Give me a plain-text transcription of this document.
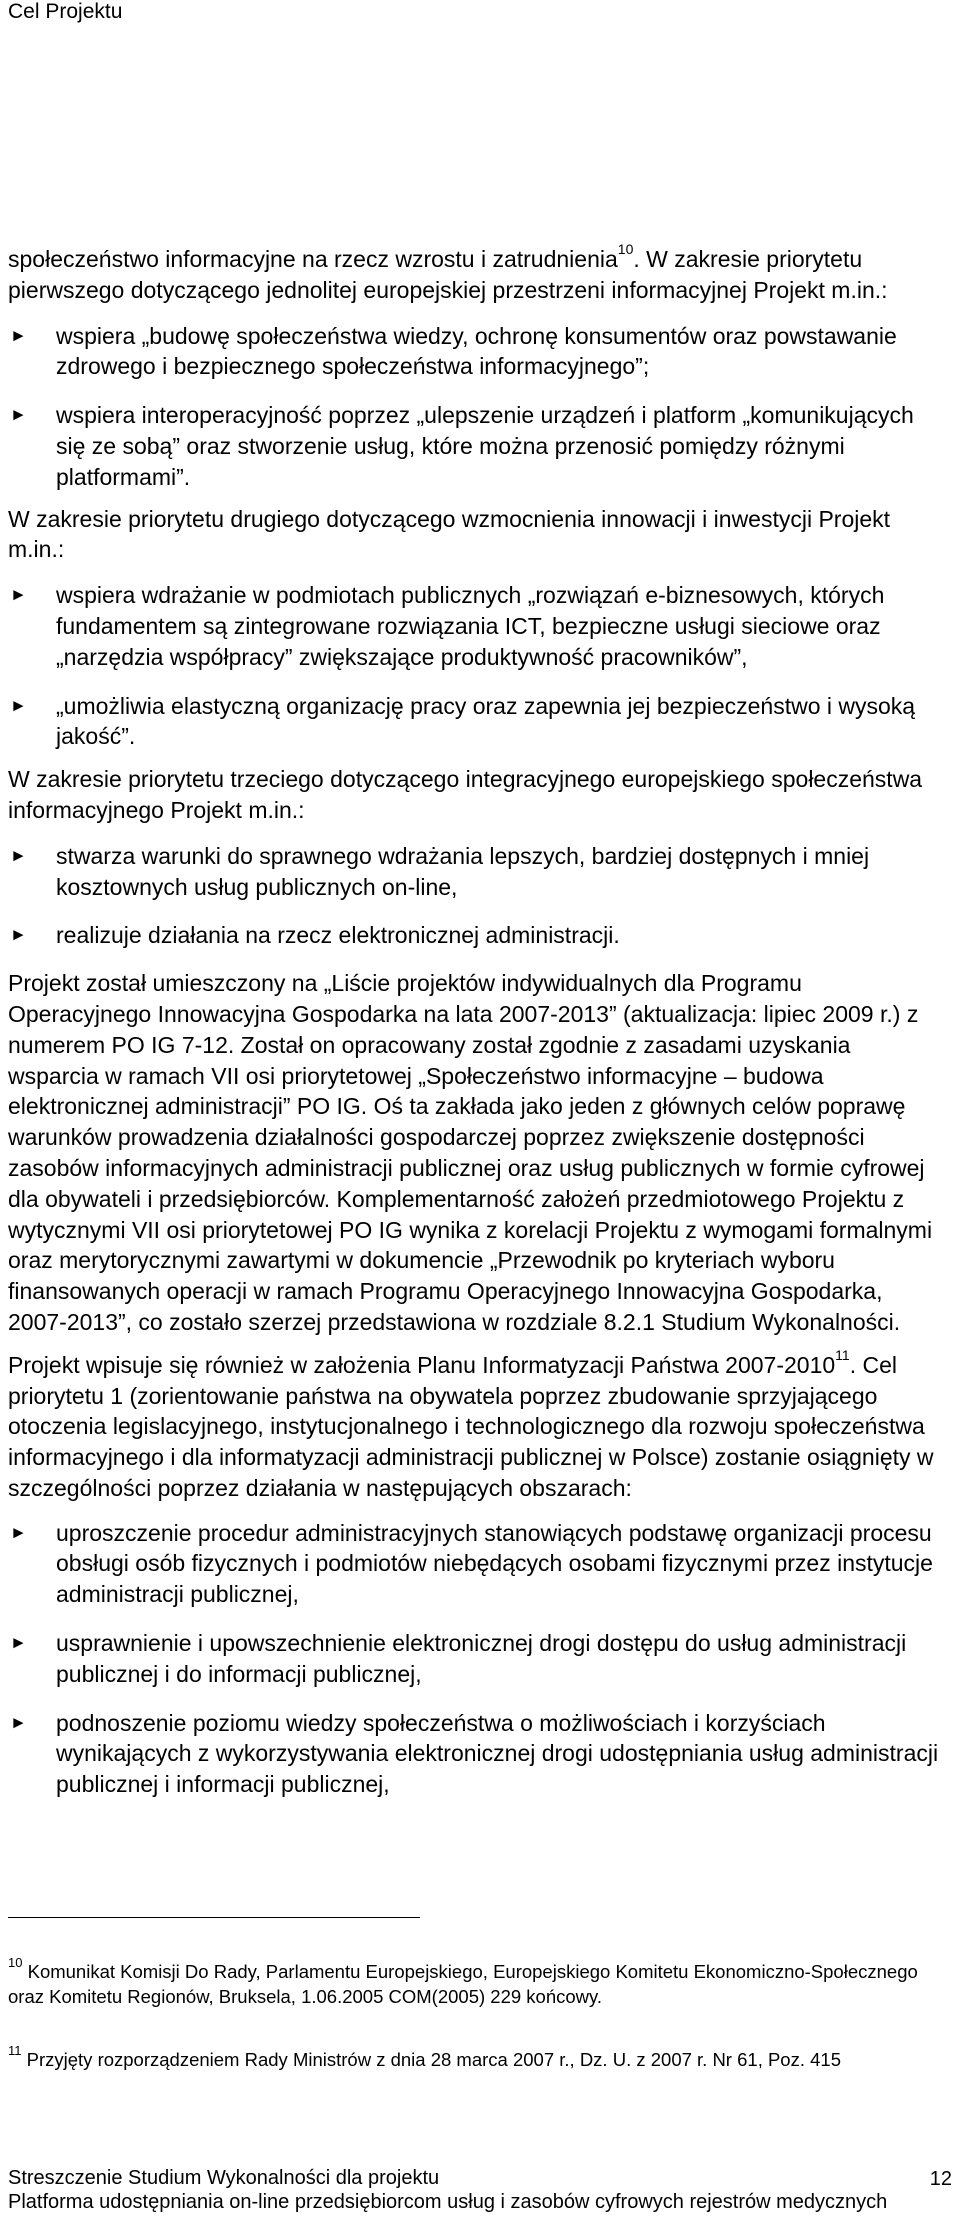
Cel Projektu

społeczeństwo informacyjne na rzecz wzrostu i zatrudnienia$^{10}$. W zakresie priorytetu pierwszego dotyczącego jednolitej europejskiej przestrzeni informacyjnej Projekt m.in.:

► wspiera „budowę społeczeństwa wiedzy, ochronę konsumentów oraz powstawanie zdrowego i bezpiecznego społeczeństwa informacyjnego”;

► wspiera interoperacyjność poprzez „ulepszenie urządzeń i platform „komunikujących się ze sobą” oraz stworzenie usług, które można przenosić pomiędzy różnymi platformami”.

W zakresie priorytetu drugiego dotyczącego wzmocnienia innowacji i inwestycji Projekt m.in.:

► wspiera wdrażanie w podmiotach publicznych „rozwiązań e-biznesowych, których fundamentem są zintegrowane rozwiązania ICT, bezpieczne usługi sieciowe oraz „narzędzia współpracy” zwiększające produktywność pracowników”,

► „umożliwia elastyczną organizację pracy oraz zapewnia jej bezpieczeństwo i wysoką jakość”.

W zakresie priorytetu trzeciego dotyczącego integracyjnego europejskiego społeczeństwa informacyjnego Projekt m.in.:

► stwarza warunki do sprawnego wdrażania lepszych, bardziej dostępnych i mniej kosztownych usług publicznych on-line,

► realizuje działania na rzecz elektronicznej administracji.

Projekt został umieszczony na „Liście projektów indywidualnych dla Programu Operacyjnego Innowacyjna Gospodarka na lata 2007-2013” (aktualizacja: lipiec 2009 r.) z numerem PO IG 7-12. Został on opracowany został zgodnie z zasadami uzyskania wsparcia w ramach VII osi priorytetowej „Społeczeństwo informacyjne – budowa elektronicznej administracji” PO IG. Oś ta zakłada jako jeden z głównych celów poprawę warunków prowadzenia działalności gospodarczej poprzez zwiększenie dostępności zasobów informacyjnych administracji publicznej oraz usług publicznych w formie cyfrowej dla obywateli i przedsiębiorców. Komplementarność założeń przedmiotowego Projektu z wytycznymi VII osi priorytetowej PO IG wynika z korelacji Projektu z wymogami formalnymi oraz merytorycznymi zawartymi w dokumencie „Przewodnik po kryteriach wyboru finansowanych operacji w ramach Programu Operacyjnego Innowacyjna Gospodarka, 2007-2013”, co zostało szerzej przedstawiona w rozdziale 8.2.1 Studium Wykonalności.

Projekt wpisuje się również w założenia Planu Informatyzacji Państwa 2007-2010$^{11}$. Cel priorytetu 1 (zorientowanie państwa na obywatela poprzez zbudowanie sprzyjającego otoczenia legislacyjnego, instytucjonalnego i technologicznego dla rozwoju społeczeństwa informacyjnego i dla informatyzacji administracji publicznej w Polsce) zostanie osiągnięty w szczególności poprzez działania w następujących obszarach:

► uproszczenie procedur administracyjnych stanowiących podstawę organizacji procesu obsługi osób fizycznych i podmiotów niebędących osobami fizycznymi przez instytucje administracji publicznej,

► usprawnienie i upowszechnienie elektronicznej drogi dostępu do usług administracji publicznej i do informacji publicznej,

► podnoszenie poziomu wiedzy społeczeństwa o możliwościach i korzyściach wynikających z wykorzystywania elektronicznej drogi udostępniania usług administracji publicznej i informacji publicznej,

$^{10}$ Komunikat Komisji Do Rady, Parlamentu Europejskiego, Europejskiego Komitetu Ekonomiczno-Społecznego oraz Komitetu Regionów, Bruksela, 1.06.2005 COM(2005) 229 końcowy.
$^{11}$ Przyjęty rozporządzeniem Rady Ministrów z dnia 28 marca 2007 r., Dz. U. z 2007 r. Nr 61, Poz. 415
Streszczenie Studium Wykonalności dla projektu
Platforma udostępniania on-line przedsiębiorcom usług i zasobów cyfrowych rejestrów medycznych
12
